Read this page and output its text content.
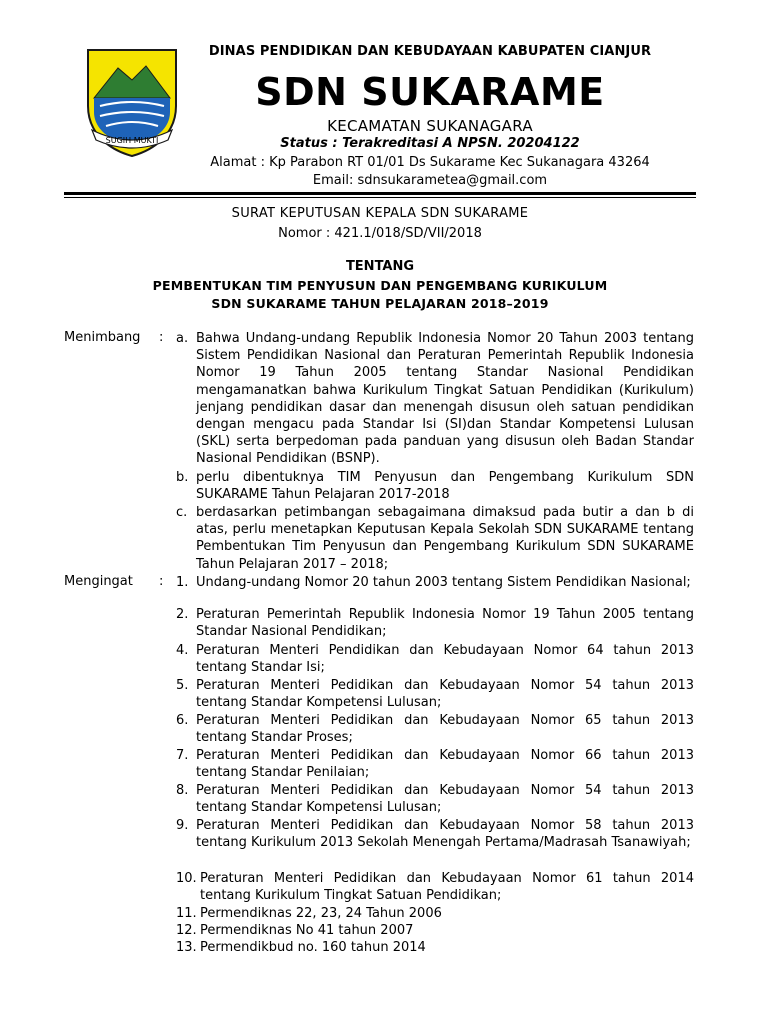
SUGIH MUKTI
DINAS PENDIDIKAN DAN KEBUDAYAAN KABUPATEN CIANJUR
SDN SUKARAME
KECAMATAN SUKANAGARA
Status : Terakreditasi A NPSN. 20204122
Alamat : Kp Parabon RT 01/01 Ds Sukarame Kec Sukanagara 43264
Email: sdnsukarametea@gmail.com
SURAT KEPUTUSAN KEPALA SDN SUKARAME
Nomor : 421.1/018/SD/VII/2018
TENTANG
PEMBENTUKAN TIM PENYUSUN DAN PENGEMBANG KURIKULUM
SDN SUKARAME TAHUN PELAJARAN 2018–2019
Menimbang : a. Bahwa Undang-undang Republik Indonesia Nomor 20 Tahun 2003 tentang Sistem Pendidikan Nasional dan Peraturan Pemerintah Republik Indonesia Nomor 19 Tahun 2005 tentang Standar Nasional Pendidikan mengamanatkan bahwa Kurikulum Tingkat Satuan Pendidikan (Kurikulum) jenjang pendidikan dasar dan menengah disusun oleh satuan pendidikan dengan mengacu pada Standar Isi (SI)dan Standar Kompetensi Lulusan (SKL) serta berpedoman pada panduan yang disusun oleh Badan Standar Nasional Pendidikan (BSNP).
b. perlu dibentuknya TIM Penyusun dan Pengembang Kurikulum SDN SUKARAME Tahun Pelajaran 2017-2018
c. berdasarkan petimbangan sebagaimana dimaksud pada butir a dan b di atas, perlu menetapkan Keputusan Kepala Sekolah SDN SUKARAME tentang Pembentukan Tim Penyusun dan Pengembang Kurikulum SDN SUKARAME Tahun Pelajaran 2017 – 2018;
Mengingat : 1. Undang-undang Nomor 20 tahun 2003 tentang Sistem Pendidikan Nasional;
2. Peraturan Pemerintah Republik Indonesia Nomor 19 Tahun 2005 tentang Standar Nasional Pendidikan;
4. Peraturan Menteri Pendidikan dan Kebudayaan Nomor 64 tahun 2013 tentang Standar Isi;
5. Peraturan Menteri Pedidikan dan Kebudayaan Nomor 54 tahun 2013 tentang Standar Kompetensi Lulusan;
6. Peraturan Menteri Pedidikan dan Kebudayaan Nomor 65 tahun 2013 tentang Standar Proses;
7. Peraturan Menteri Pedidikan dan Kebudayaan Nomor 66 tahun 2013 tentang Standar Penilaian;
8. Peraturan Menteri Pedidikan dan Kebudayaan Nomor 54 tahun 2013 tentang Standar Kompetensi Lulusan;
9. Peraturan Menteri Pedidikan dan Kebudayaan Nomor 58 tahun 2013 tentang Kurikulum 2013 Sekolah Menengah Pertama/Madrasah Tsanawiyah;
10. Peraturan Menteri Pedidikan dan Kebudayaan Nomor 61 tahun 2014 tentang Kurikulum Tingkat Satuan Pendidikan;
11. Permendiknas 22, 23, 24 Tahun 2006
12. Permendiknas No 41 tahun 2007
13. Permendikbud no. 160 tahun 2014
